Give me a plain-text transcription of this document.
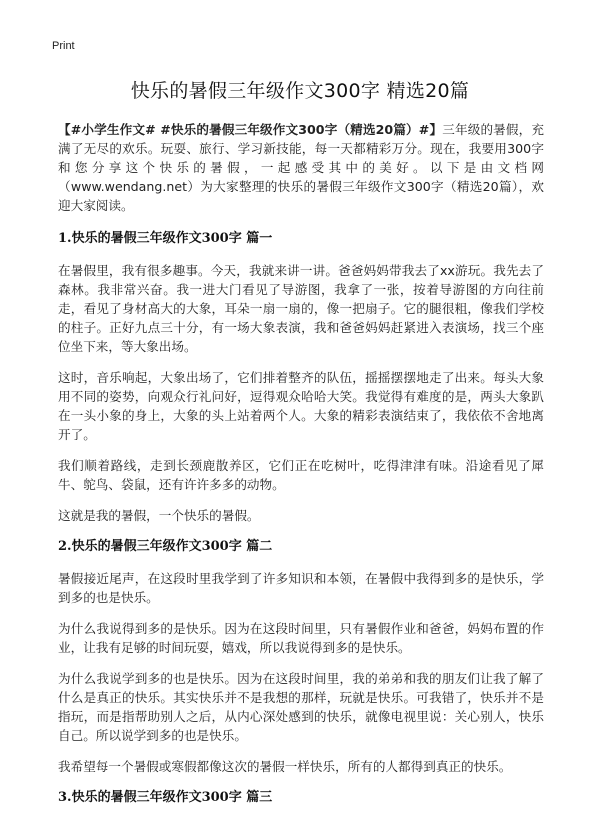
Print
快乐的暑假三年级作文300字 精选20篇

【#小学生作文# #快乐的暑假三年级作文300字（精选20篇）#】三年级的暑假，充满了无尽的欢乐。玩耍、旅行、学习新技能，每一天都精彩万分。现在，我要用300字和您分享这个快乐的暑假，一起感受其中的美好。以下是由文档网（www.wendang.net）为大家整理的快乐的暑假三年级作文300字（精选20篇），欢迎大家阅读。

1.快乐的暑假三年级作文300字 篇一

在暑假里，我有很多趣事。今天，我就来讲一讲。爸爸妈妈带我去了xx游玩。我先去了森林。我非常兴奋。我一进大门看见了导游图，我拿了一张，按着导游图的方向往前走，看见了身材高大的大象，耳朵一扇一扇的，像一把扇子。它的腿很粗，像我们学校的柱子。正好九点三十分，有一场大象表演，我和爸爸妈妈赶紧进入表演场，找三个座位坐下来，等大象出场。

这时，音乐响起，大象出场了，它们排着整齐的队伍，摇摇摆摆地走了出来。每头大象用不同的姿势，向观众行礼问好，逗得观众哈哈大笑。我觉得有难度的是，两头大象趴在一头小象的身上，大象的头上站着两个人。大象的精彩表演结束了，我依依不舍地离开了。

我们顺着路线，走到长颈鹿散养区，它们正在吃树叶，吃得津津有味。沿途看见了犀牛、鸵鸟、袋鼠，还有许许多多的动物。

这就是我的暑假，一个快乐的暑假。

2.快乐的暑假三年级作文300字 篇二

暑假接近尾声，在这段时里我学到了许多知识和本领，在暑假中我得到多的是快乐，学到多的也是快乐。

为什么我说得到多的是快乐。因为在这段时间里，只有暑假作业和爸爸，妈妈布置的作业，让我有足够的时间玩耍，嬉戏，所以我说得到多的是快乐。

为什么我说学到多的也是快乐。因为在这段时间里，我的弟弟和我的朋友们让我了解了什么是真正的快乐。其实快乐并不是我想的那样，玩就是快乐。可我错了，快乐并不是指玩，而是指帮助别人之后，从内心深处感到的快乐，就像电视里说：关心别人，快乐自己。所以说学到多的也是快乐。

我希望每一个暑假或寒假都像这次的暑假一样快乐，所有的人都得到真正的快乐。

3.快乐的暑假三年级作文300字 篇三
